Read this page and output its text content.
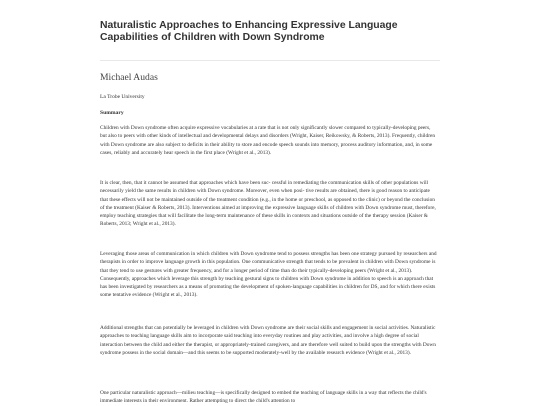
Naturalistic Approaches to Enhancing Expressive Language Capabilities of Children with Down Syndrome
Michael Audas
La Trobe University
Summary

Children with Down syndrome often acquire expressive vocabularies at a rate that is not only significantly slower compared to typically-developing peers, but also to peers with other kinds of intellectual and developmental delays and disorders (Wright, Kaiser, Reikowsky, & Roberts, 2013). Frequently, children with Down syndrome are also subject to deficits in their ability to store and encode speech sounds into memory, process auditory information, and, in some cases, reliably and accurately hear speech in the first place (Wright et al., 2013).

It is clear, then, that it cannot be assumed that approaches which have been suc- cessful in remediating the communication skills of other populations will necessarily yield the same results in children with Down syndrome. Moreover, even when posi- tive results are obtained, there is good reason to anticipate that these effects will not be maintained outside of the treatment condition (e.g., in the home or preschool, as opposed to the clinic) or beyond the conclusion of the treatment (Kaiser & Roberts, 2013). Interventions aimed at improving the expressive language skills of children with Down syndrome must, therefore, employ teaching strategies that will facilitate the long-term maintenance of these skills in contexts and situations outside of the therapy session (Kaiser & Roberts, 2013; Wright et al., 2013).

Leveraging those areas of communication in which children with Down syndrome tend to possess strengths has been one strategy pursued by researchers and therapists in order to improve language growth in this population. One communicative strength that tends to be prevalent in children with Down syndrome is that they tend to use gestures with greater frequency, and for a longer period of time than do their typically-developing peers (Wright et al., 2013). Consequently, approaches which leverage this strength by teaching gestural signs to children with Down syndrome in addition to speech is an approach that has been investigated by researchers as a means of promoting the development of spoken-language capabilities in children for DS, and for which there exists some tentative evidence (Wright et al., 2013).

Additional strengths that can potentially be leveraged in children with Down syndrome are their social skills and engagement in social activities. Naturalistic approaches to teaching language skills aim to incorporate said teaching into everyday routines and play activities, and involve a high degree of social interaction between the child and either the therapist, or appropriately-trained caregivers, and are therefore well suited to build upon the strengths with Down syndrome possess in the social domain—and this seems to be supported moderately-well by the available research evidence (Wright et al., 2013).

One particular naturalistic approach—milieu teaching—is specifically designed to embed the teaching of language skills in a way that reflects the child's immediate interests in their environment. Rather attempting to direct the child's attention to
